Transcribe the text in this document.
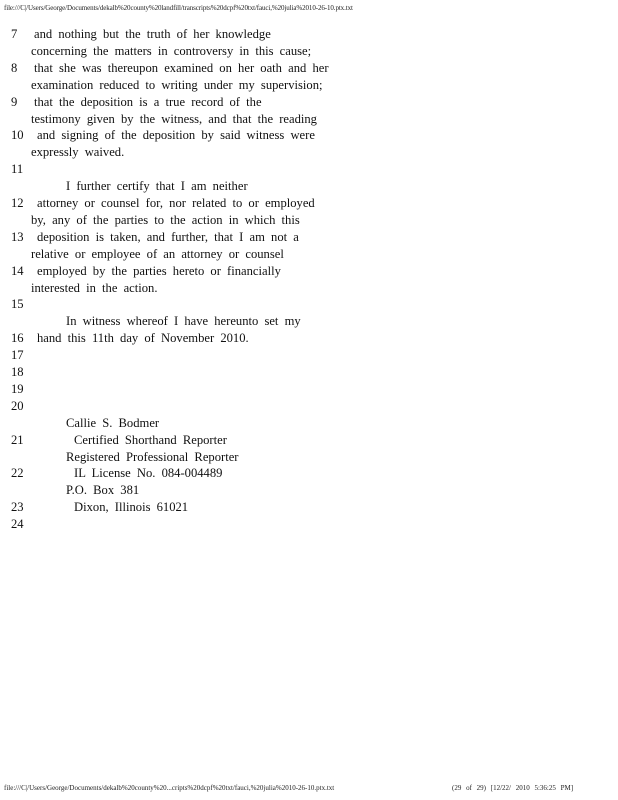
file:///C|/Users/George/Documents/dekalb%20county%20landfill/transcripts%20dcpf%20txt/fauci,%20julia%2010-26-10.ptx.txt
7	and nothing but the truth of her knowledge
concerning the matters in controversy in this cause;
8	that she was thereupon examined on her oath and her
examination reduced to writing under my supervision;
9	that the deposition is a true record of the
testimony given by the witness, and that the reading
10 and signing of the deposition by said witness were
expressly waived.
11
I further certify that I am neither
12 attorney or counsel for, nor related to or employed
by, any of the parties to the action in which this
13 deposition is taken, and further, that I am not a
relative or employee of an attorney or counsel
14 employed by the parties hereto or financially
interested in the action.
15
In witness whereof I have hereunto set my
16 hand this 11th day of November 2010.
17
18
19
20
Callie S. Bodmer
21	Certified Shorthand Reporter
Registered Professional Reporter
22	IL License No. 084-004489
P.O. Box 381
23	Dixon, Illinois 61021
24
file:///C|/Users/George/Documents/dekalb%20county%20...cripts%20dcpf%20txt/fauci,%20julia%2010-26-10.ptx.txt	(29 of 29) [12/22/ 2010 5:36:25 PM]
